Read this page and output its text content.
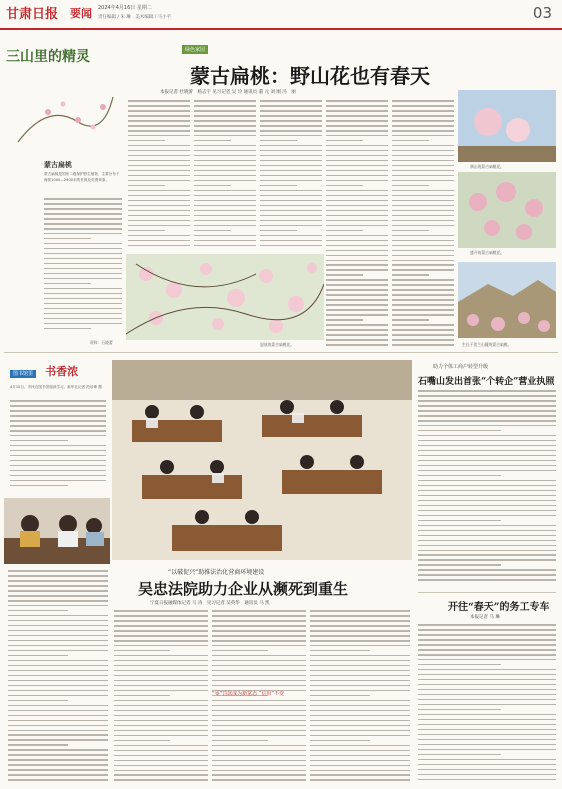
甘肃日报 要闻 2024年4月16日 星期二
责任编辑 / 朱 琳　美术编辑 / 马小平	03
三山里的精灵
蒙古扁桃
蒙古扁桃是国家二级保护野生植物，主要分布于海拔1000—2400米的荒漠及荒漠草原。
资料：石晓蕾
绿色家园
蒙古扁桃：野山花也有春天
本报记者 杜晓蕾　杨志宇 见习记者 吴 玲 通讯员 董 元 刘 刚 冯　丽
怒放的蒙古扁桃花。
满山的蒙古扁桃花。
盛开的蒙古扁桃花。
生长于贺兰山麓的蒙古扁桃。
图书馆里 书香浓
4月15日，市民在图书馆阅读学习。新华社记者 范培珅 摄
助力个体工商户转型升级
石嘴山发出首张“个转企”营业执照
开往“春天”的务工专车
本报记者 马 琳
“以破促兴”助推法治化营商环境建设
吴忠法院助力企业从濒死到重生
宁夏日报融媒体记者 马 涛　见习记者 吴英华　通讯员 马 凯
“零”罚款成为新常态 “信用”不变
